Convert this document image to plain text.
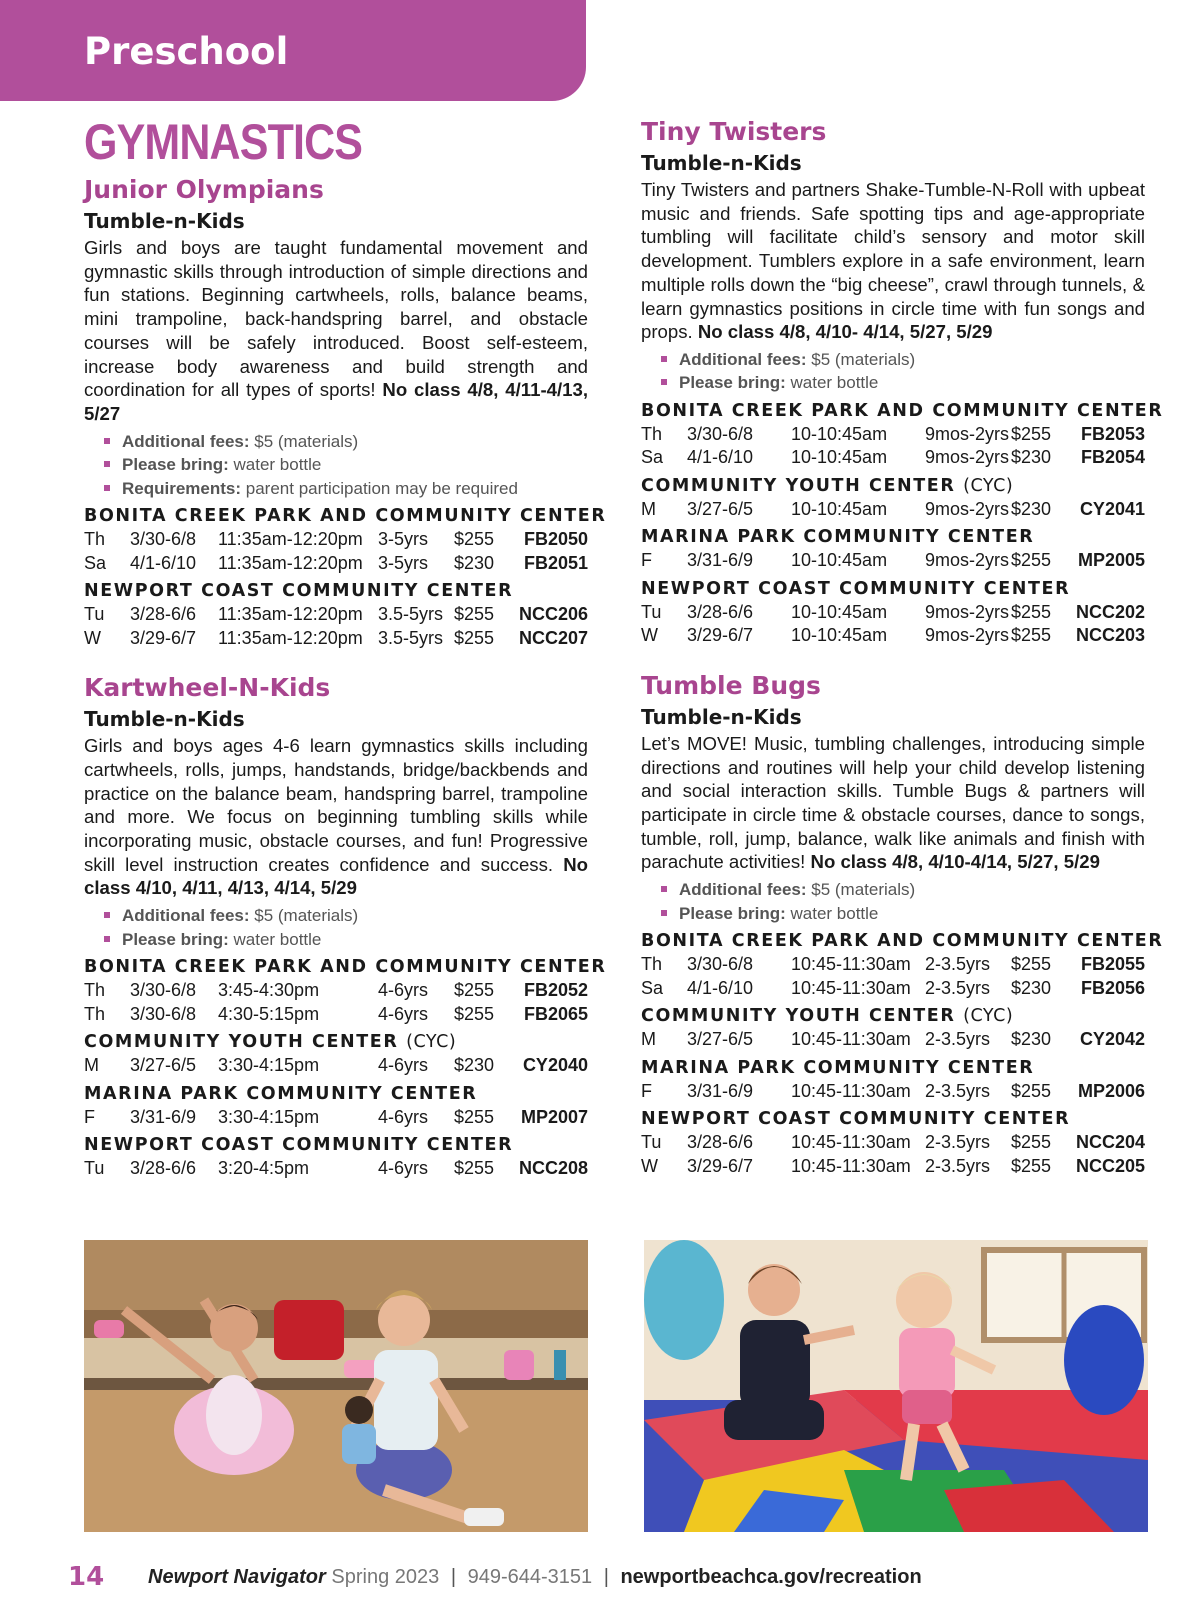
Preschool
GYMNASTICS
Junior Olympians
Tumble-n-Kids
Girls and boys are taught fundamental movement and gymnastic skills through introduction of simple directions and fun stations. Beginning cartwheels, rolls, balance beams, mini trampoline, back-handspring barrel, and obstacle courses will be safely introduced. Boost self-esteem, increase body awareness and build strength and coordination for all types of sports! No class 4/8, 4/11-4/13, 5/27
Additional fees: $5 (materials)
Please bring: water bottle
Requirements: parent participation may be required
BONITA CREEK PARK AND COMMUNITY CENTER
Th 3/30-6/8 11:35am-12:20pm 3-5yrs $255 FB2050
Sa 4/1-6/10 11:35am-12:20pm 3-5yrs $230 FB2051
NEWPORT COAST COMMUNITY CENTER
Tu 3/28-6/6 11:35am-12:20pm 3.5-5yrs $255 NCC206
W 3/29-6/7 11:35am-12:20pm 3.5-5yrs $255 NCC207
Kartwheel-N-Kids
Tumble-n-Kids
Girls and boys ages 4-6 learn gymnastics skills including cartwheels, rolls, jumps, handstands, bridge/backbends and practice on the balance beam, handspring barrel, trampoline and more. We focus on beginning tumbling skills while incorporating music, obstacle courses, and fun! Progressive skill level instruction creates confidence and success. No class 4/10, 4/11, 4/13, 4/14, 5/29
Additional fees: $5 (materials)
Please bring: water bottle
BONITA CREEK PARK AND COMMUNITY CENTER
Th 3/30-6/8 3:45-4:30pm	4-6yrs $255 FB2052
Th 3/30-6/8 4:30-5:15pm	4-6yrs $255 FB2065
COMMUNITY YOUTH CENTER (CYC)
M 3/27-6/5 3:30-4:15pm	4-6yrs $230 CY2040
MARINA PARK COMMUNITY CENTER
F 3/31-6/9 3:30-4:15pm	4-6yrs $255 MP2007
NEWPORT COAST COMMUNITY CENTER
Tu 3/28-6/6 3:20-4:5pm	4-6yrs $255 NCC208
Tiny Twisters
Tumble-n-Kids
Tiny Twisters and partners Shake-Tumble-N-Roll with upbeat music and friends. Safe spotting tips and age-appropriate tumbling will facilitate child’s sensory and motor skill development. Tumblers explore in a safe environment, learn multiple rolls down the “big cheese”, crawl through tunnels, & learn gymnastics positions in circle time with fun songs and props. No class 4/8, 4/10- 4/14, 5/27, 5/29
Additional fees: $5 (materials)
Please bring: water bottle
BONITA CREEK PARK AND COMMUNITY CENTER
Th 3/30-6/8 10-10:45am 9mos-2yrs $255 FB2053
Sa 4/1-6/10 10-10:45am 9mos-2yrs $230 FB2054
COMMUNITY YOUTH CENTER (CYC)
M 3/27-6/5 10-10:45am 9mos-2yrs $230 CY2041
MARINA PARK COMMUNITY CENTER
F 3/31-6/9 10-10:45am 9mos-2yrs $255 MP2005
NEWPORT COAST COMMUNITY CENTER
Tu 3/28-6/6 10-10:45am 9mos-2yrs $255 NCC202
W 3/29-6/7 10-10:45am 9mos-2yrs $255 NCC203
Tumble Bugs
Tumble-n-Kids
Let’s MOVE! Music, tumbling challenges, introducing simple directions and routines will help your child develop listening and social interaction skills. Tumble Bugs & partners will participate in circle time & obstacle courses, dance to songs, tumble, roll, jump, balance, walk like animals and finish with parachute activities! No class 4/8, 4/10-4/14, 5/27, 5/29
Additional fees: $5 (materials)
Please bring: water bottle
BONITA CREEK PARK AND COMMUNITY CENTER
Th 3/30-6/8 10:45-11:30am 2-3.5yrs $255 FB2055
Sa 4/1-6/10 10:45-11:30am 2-3.5yrs $230 FB2056
COMMUNITY YOUTH CENTER (CYC)
M 3/27-6/5 10:45-11:30am 2-3.5yrs $230 CY2042
MARINA PARK COMMUNITY CENTER
F 3/31-6/9 10:45-11:30am 2-3.5yrs $255 MP2006
NEWPORT COAST COMMUNITY CENTER
Tu 3/28-6/6 10:45-11:30am 2-3.5yrs $255 NCC204
W 3/29-6/7 10:45-11:30am 2-3.5yrs $255 NCC205
14 Newport Navigator Spring 2023 | 949-644-3151 | newportbeachca.gov/recreation
